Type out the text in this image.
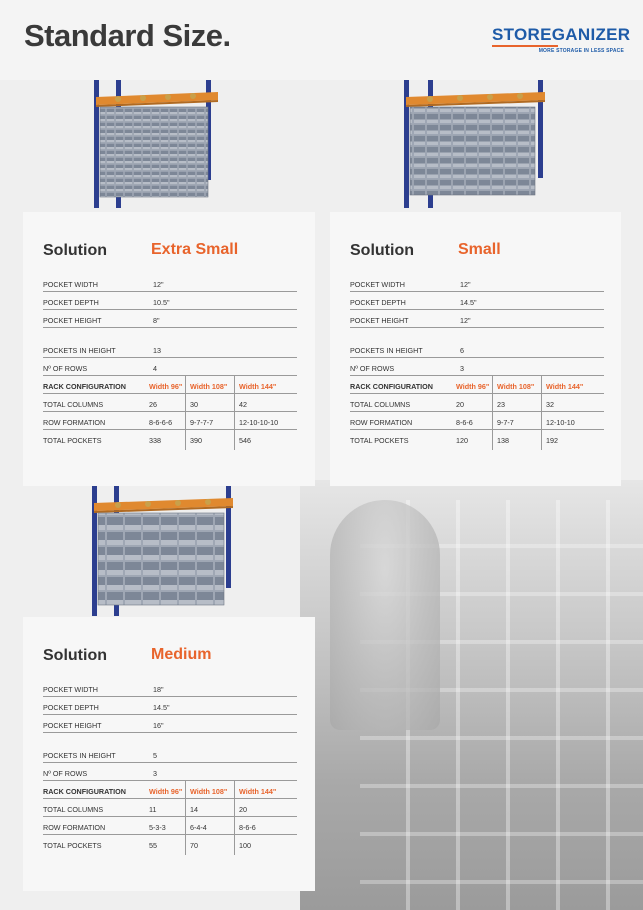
Standard Size.	STOREGANIZER
MORE STORAGE IN LESS SPACE
Solution	Extra Small
POCKET WIDTH	12"
POCKET DEPTH	10.5"
POCKET HEIGHT	8"
POCKETS IN HEIGHT	13
Nº OF ROWS	4
RACK CONFIGURATION	Width 96" Width 108" Width 144"
TOTAL COLUMNS	26	30	42
ROW FORMATION	8-6-6-6 9-7-7-7	12-10-10-10
TOTAL POCKETS	338	390	546
Solution	Small
POCKET WIDTH	12"
POCKET DEPTH	14.5"
POCKET HEIGHT	12"
POCKETS IN HEIGHT	6
Nº OF ROWS	3
RACK CONFIGURATION	Width 96" Width 108" Width 144"
TOTAL COLUMNS	20	23	32
ROW FORMATION	8-6-6	9-7-7	12-10-10
TOTAL POCKETS	120	138	192
Solution	Medium
POCKET WIDTH	18"
POCKET DEPTH	14.5"
POCKET HEIGHT	16"
POCKETS IN HEIGHT	5
Nº OF ROWS	3
RACK CONFIGURATION	Width 96" Width 108" Width 144"
TOTAL COLUMNS	11	14	20
ROW FORMATION	5-3-3	6-4-4	8-6-6
TOTAL POCKETS	55	70	100
